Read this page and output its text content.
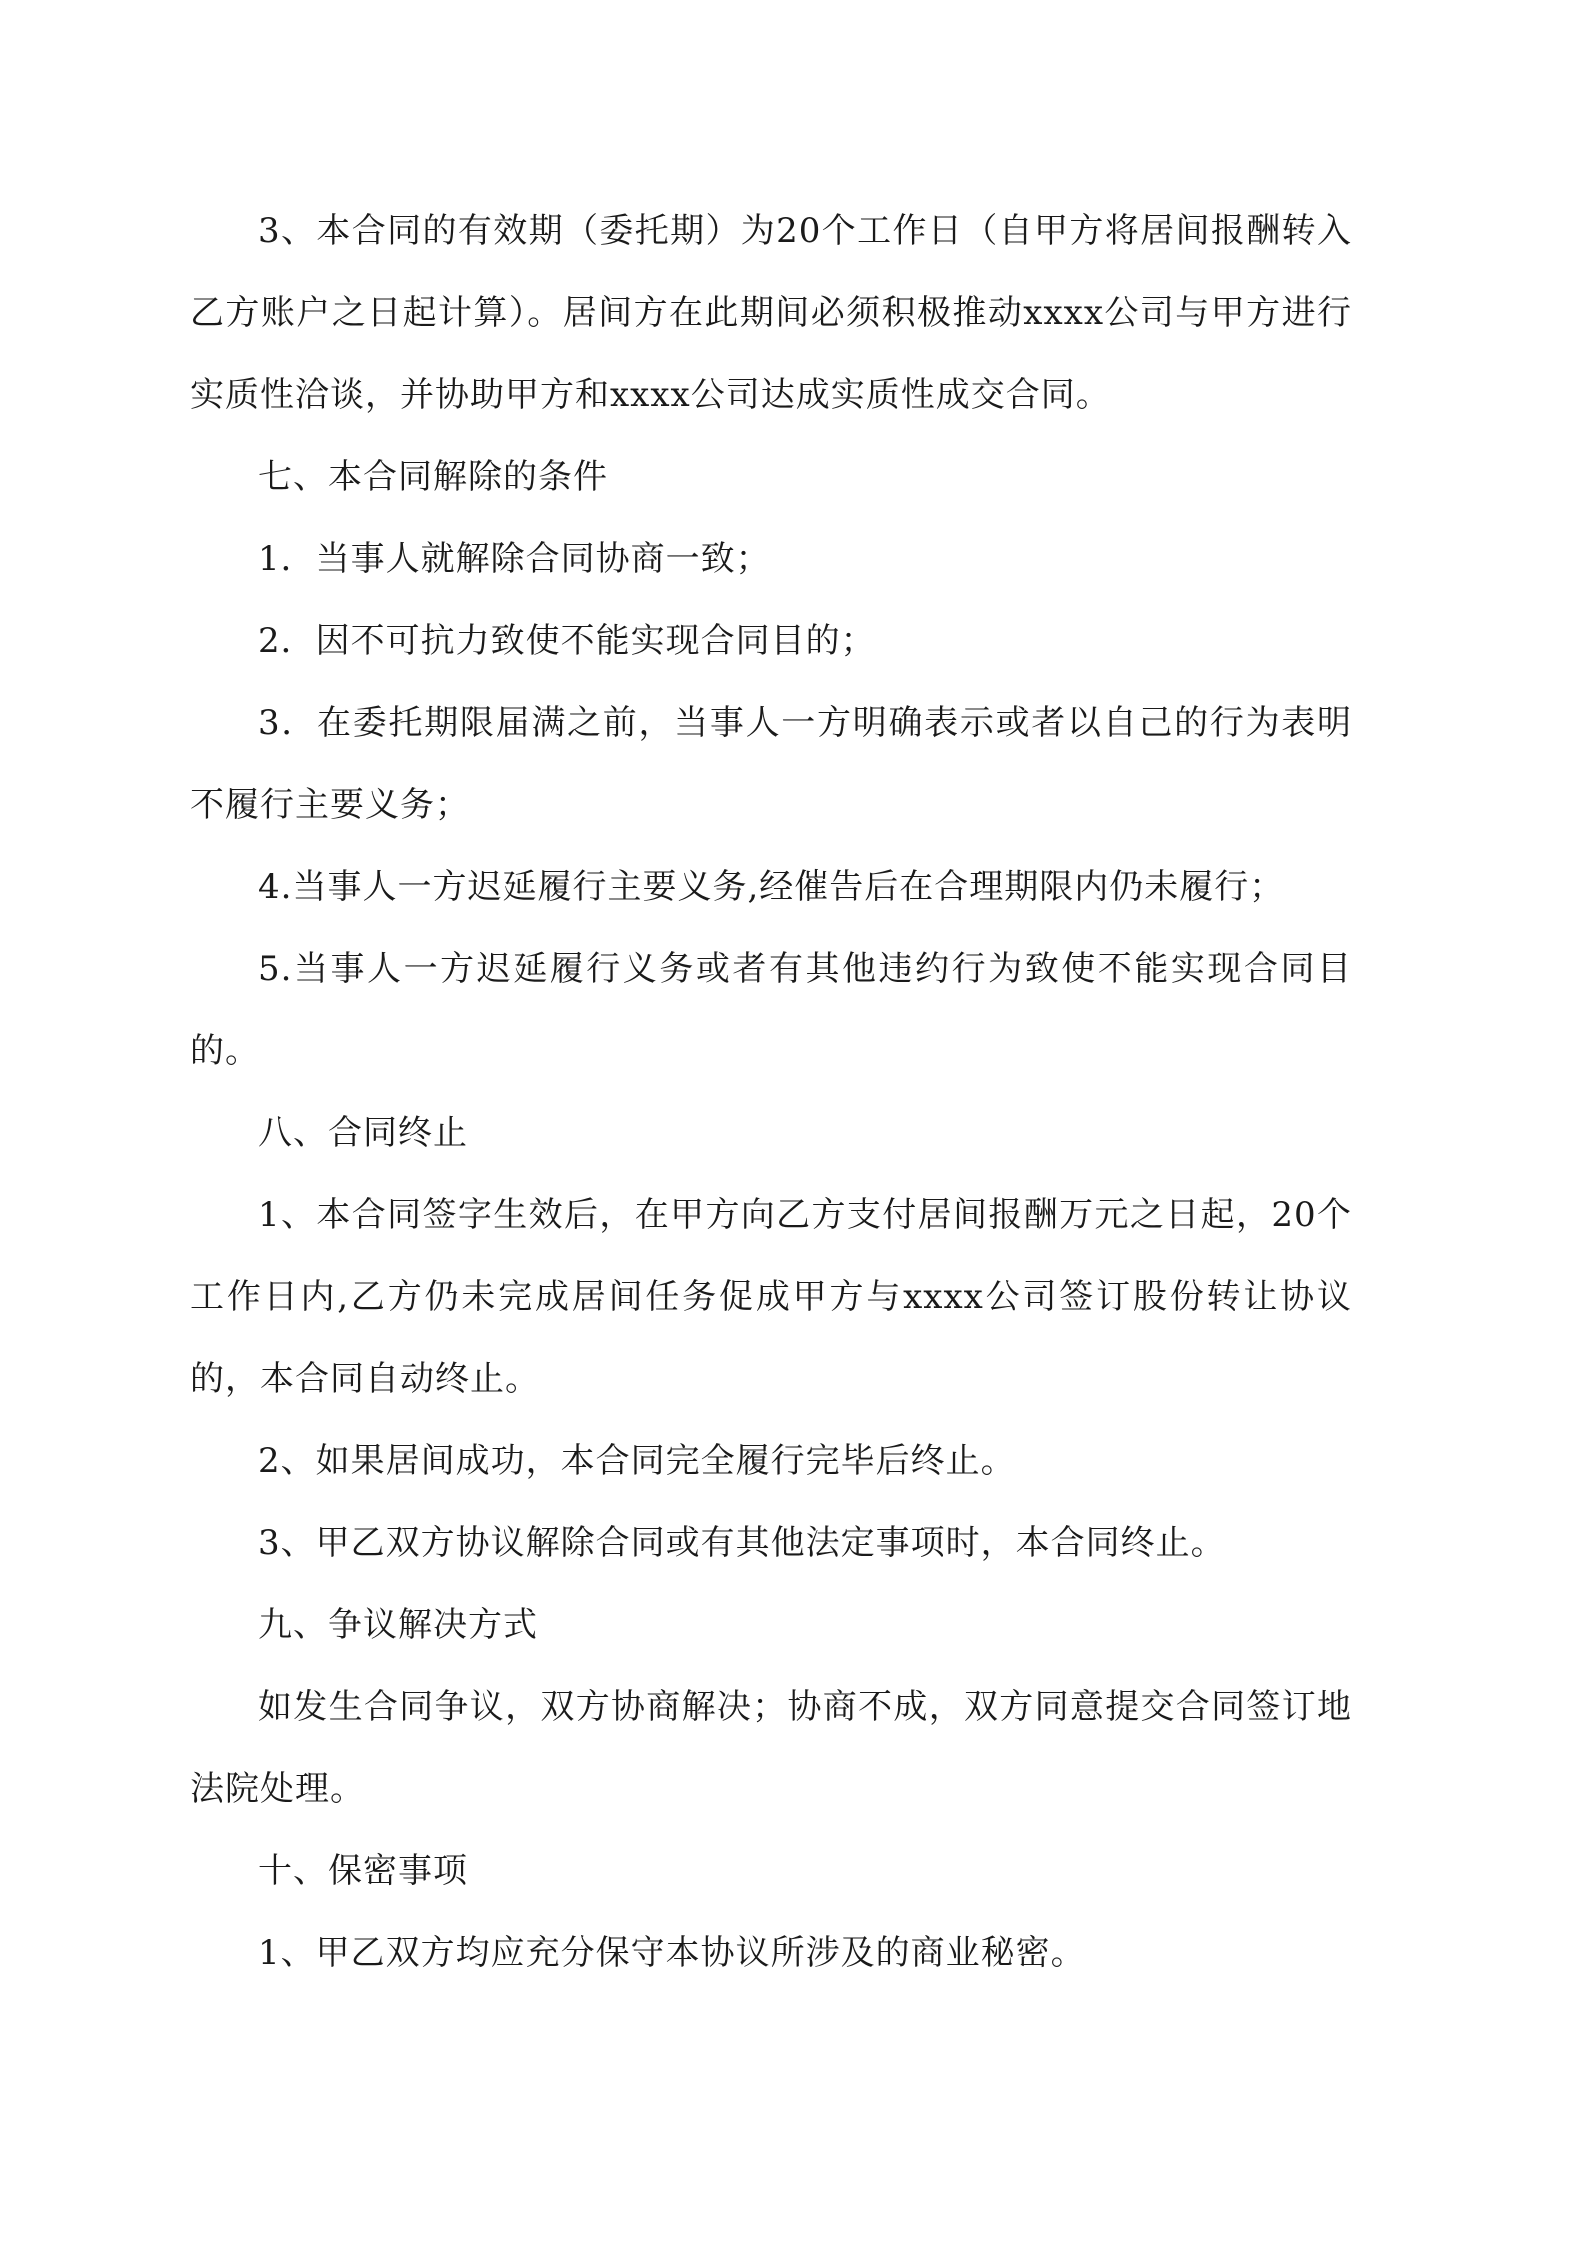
3、本合同的有效期（委托期）为20个工作日（自甲方将居间报酬转入乙方账户之日起计算）。居间方在此期间必须积极推动xxxx公司与甲方进行实质性洽谈，并协助甲方和xxxx公司达成实质性成交合同。

七、本合同解除的条件

1．当事人就解除合同协商一致；

2．因不可抗力致使不能实现合同目的；

3．在委托期限届满之前，当事人一方明确表示或者以自己的行为表明不履行主要义务；

4.当事人一方迟延履行主要义务,经催告后在合理期限内仍未履行；

5.当事人一方迟延履行义务或者有其他违约行为致使不能实现合同目的。

八、合同终止

1、本合同签字生效后，在甲方向乙方支付居间报酬万元之日起，20个工作日内,乙方仍未完成居间任务促成甲方与xxxx公司签订股份转让协议的，本合同自动终止。

2、如果居间成功，本合同完全履行完毕后终止。

3、甲乙双方协议解除合同或有其他法定事项时，本合同终止。

九、争议解决方式

如发生合同争议，双方协商解决；协商不成，双方同意提交合同签订地法院处理。

十、保密事项

1、甲乙双方均应充分保守本协议所涉及的商业秘密。
